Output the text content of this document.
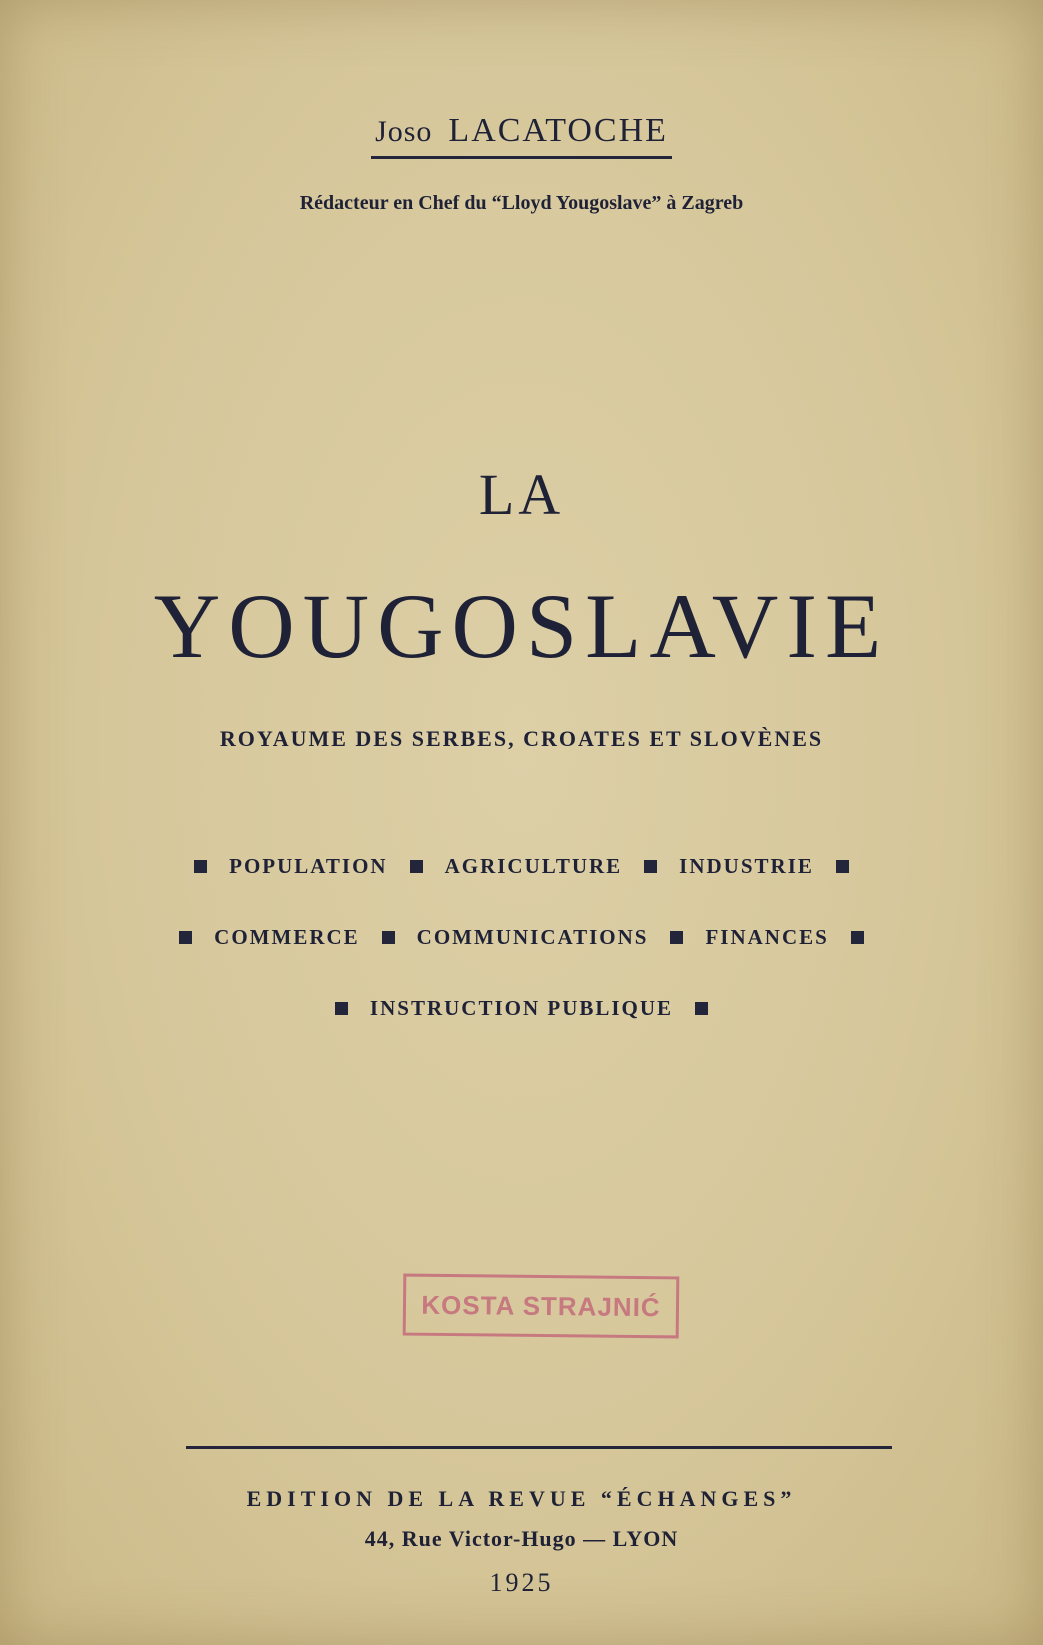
Joso LACATOCHE
Rédacteur en Chef du “Lloyd Yougoslave” à Zagreb
LA
YOUGOSLAVIE
ROYAUME DES SERBES, CROATES ET SLOVÈNES
POPULATION	AGRICULTURE	INDUSTRIE
COMMERCE	COMMUNICATIONS	FINANCES
INSTRUCTION PUBLIQUE
KOSTA STRAJNIĆ
EDITION DE LA REVUE “ÉCHANGES”
44, Rue Victor-Hugo — LYON
1925
